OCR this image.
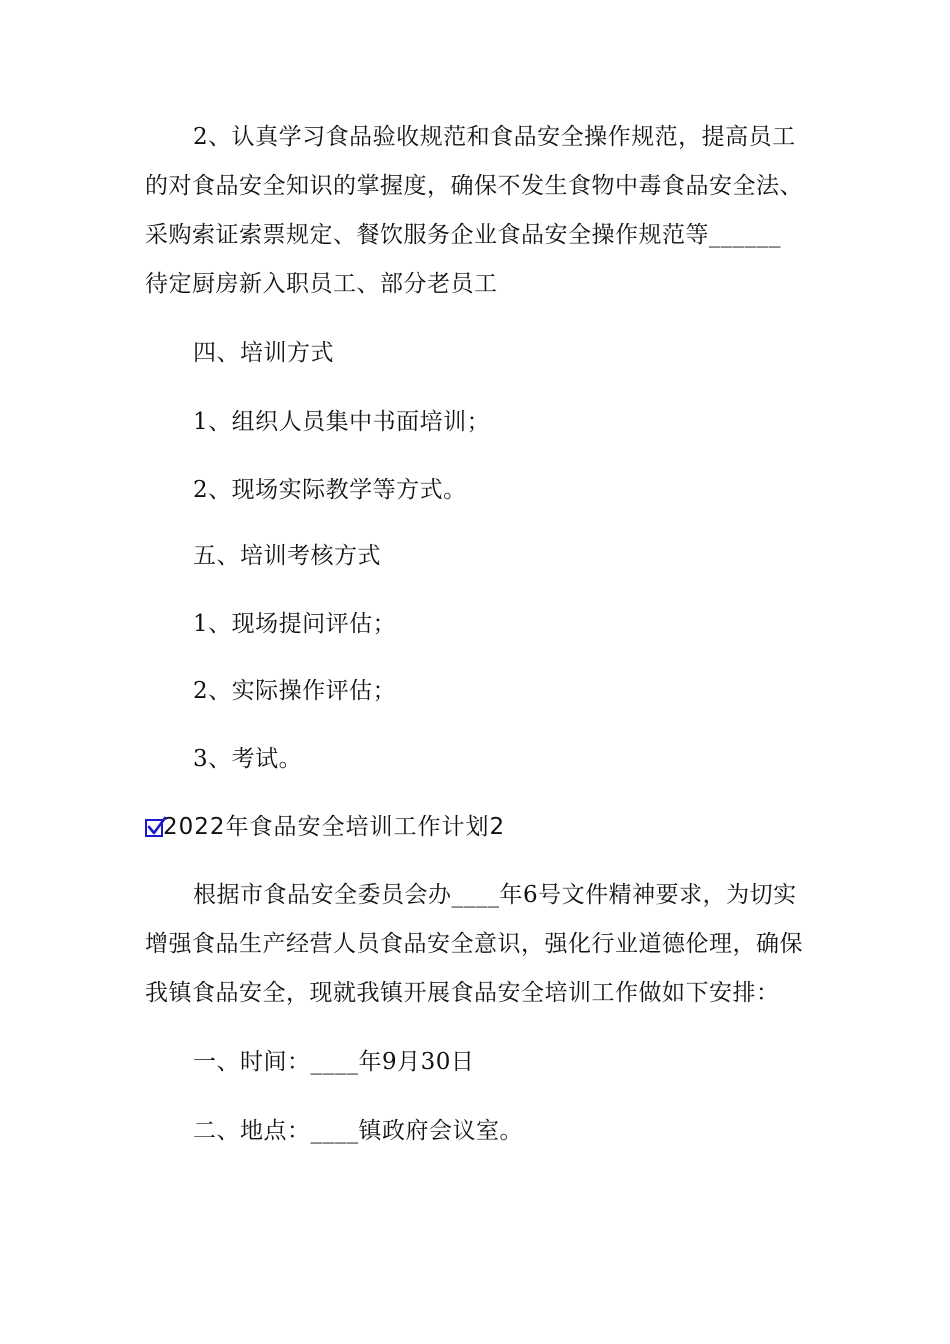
2、认真学习食品验收规范和食品安全操作规范，提高员工
的对食品安全知识的掌握度，确保不发生食物中毒食品安全法、
采购索证索票规定、餐饮服务企业食品安全操作规范等______
待定厨房新入职员工、部分老员工
四、培训方式
1、组织人员集中书面培训；
2、现场实际教学等方式。
五、培训考核方式
1、现场提问评估；
2、实际操作评估；
3、考试。
2022年食品安全培训工作计划2
根据市食品安全委员会办____年6号文件精神要求，为切实
增强食品生产经营人员食品安全意识，强化行业道德伦理，确保
我镇食品安全，现就我镇开展食品安全培训工作做如下安排：
一、时间：____年9月30日
二、地点：____镇政府会议室。
